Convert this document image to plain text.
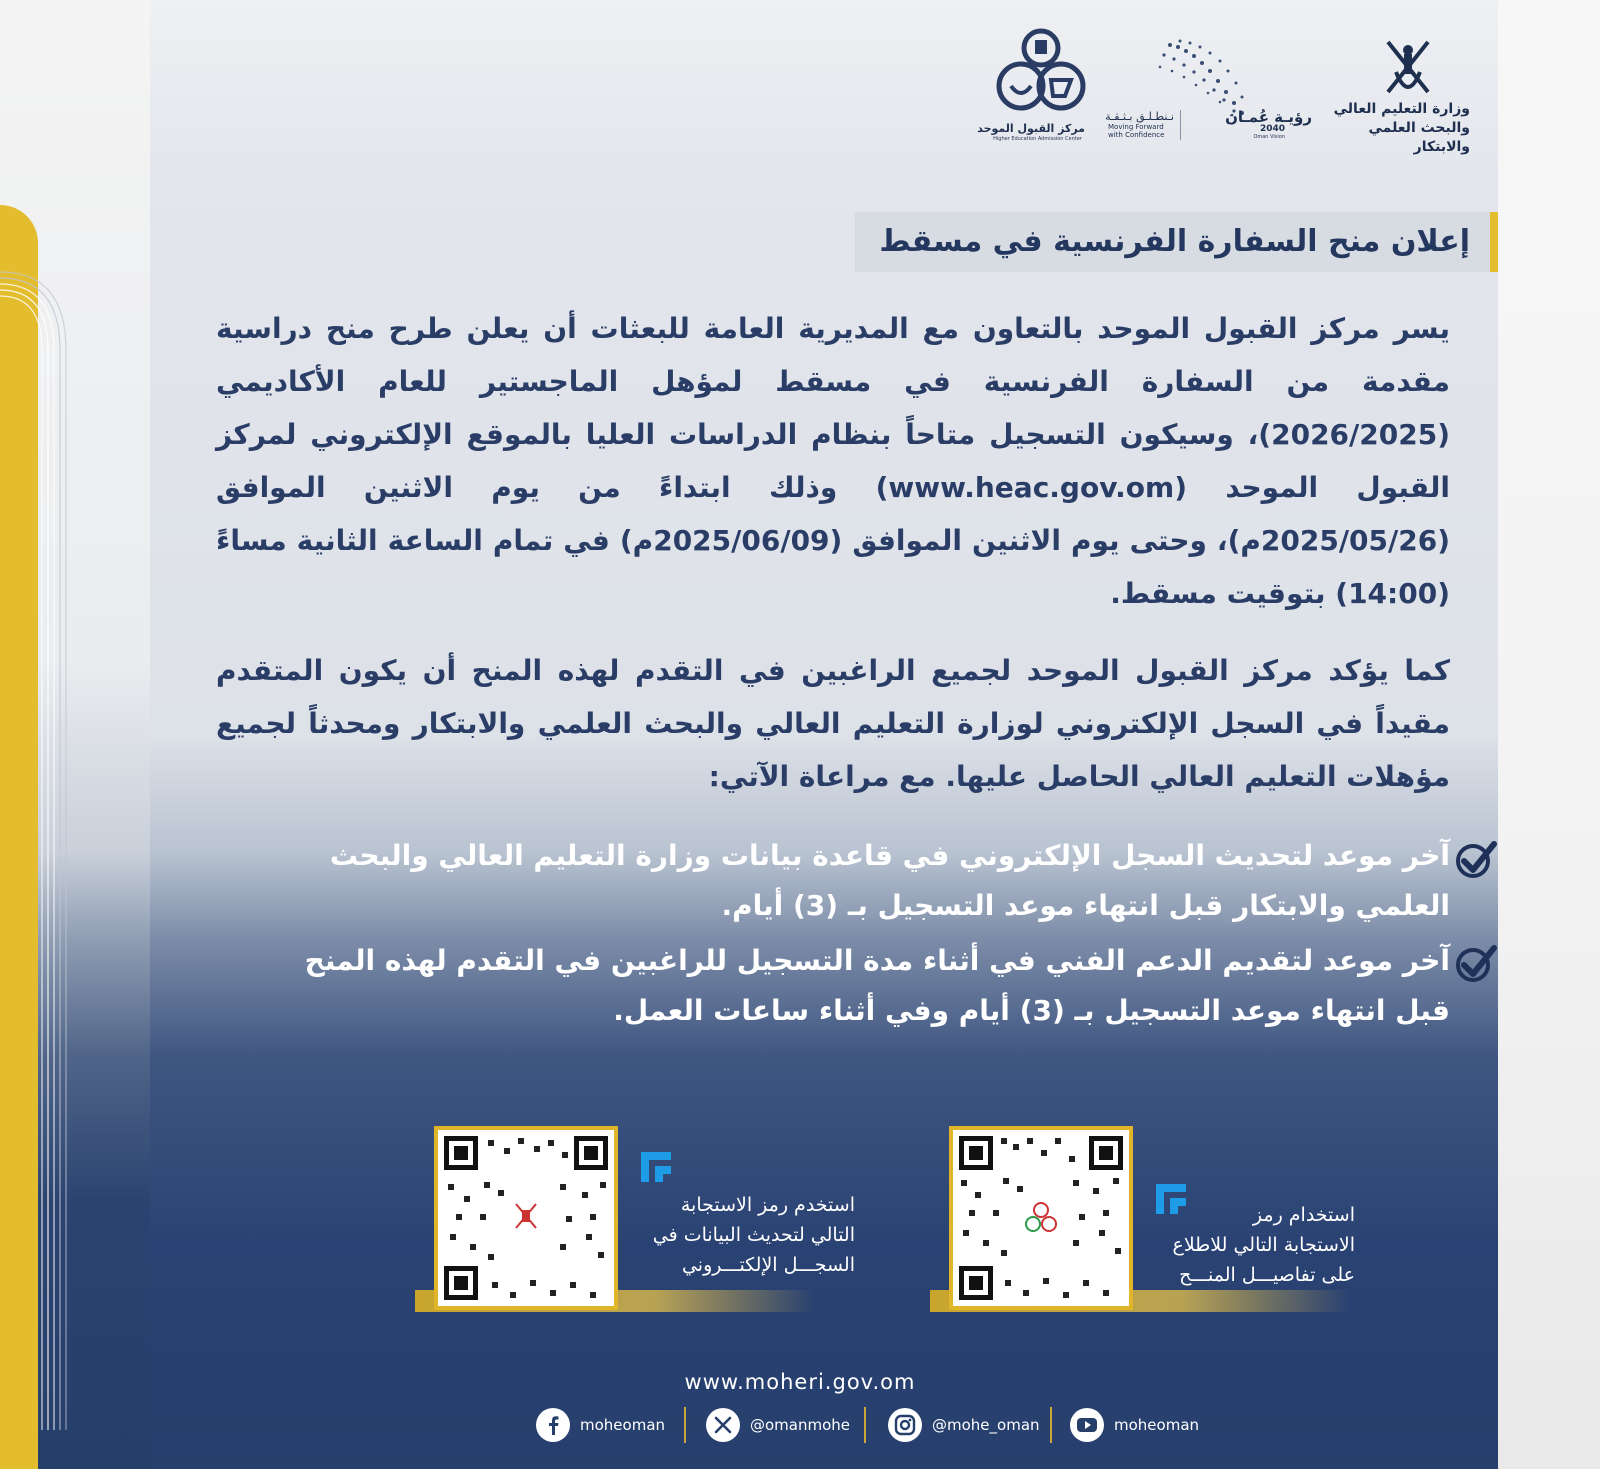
وزارة التعليم العالي
والبحث العلمي والابتكار
رؤيـة عُمـان
2040
Oman Vision
نـنطـلـق بـثـقـة
Moving Forward
with Confidence
مركز القبول الموحد
Higher Education Admission Center
إعلان منح السفارة الفرنسية في مسقط

يسر مركز القبول الموحد بالتعاون مع المديرية العامة للبعثات أن يعلن طرح منح دراسية مقدمة من السفارة الفرنسية في مسقط لمؤهل الماجستير للعام الأكاديمي (2026/2025)، وسيكون التسجيل متاحاً بنظام الدراسات العليا بالموقع الإلكتروني لمركز القبول الموحد (www.heac.gov.om) وذلك ابتداءً من يوم الاثنين الموافق (2025/05/26م)، وحتى يوم الاثنين الموافق (2025/06/09م) في تمام الساعة الثانية مساءً (14:00) بتوقيت مسقط.

كما يؤكد مركز القبول الموحد لجميع الراغبين في التقدم لهذه المنح أن يكون المتقدم مقيداً في السجل الإلكتروني لوزارة التعليم العالي والبحث العلمي والابتكار ومحدثاً لجميع مؤهلات التعليم العالي الحاصل عليها. مع مراعاة الآتي:

آخر موعد لتحديث السجل الإلكتروني في قاعدة بيانات وزارة التعليم العالي والبحث العلمي والابتكار قبل انتهاء موعد التسجيل بـ (3) أيام.

آخر موعد لتقديم الدعم الفني في أثناء مدة التسجيل للراغبين في التقدم لهذه المنح قبل انتهاء موعد التسجيل بـ (3) أيام وفي أثناء ساعات العمل.

استخدام رمز
الاستجابة التالي للاطلاع
على تفاصيـــل المنـــح
استخدم رمز الاستجابة
التالي لتحديث البيانات في
السجـــل الإلكتـــروني
www.moheri.gov.om
moheoman
@mohe_oman
@omanmohe
moheoman
